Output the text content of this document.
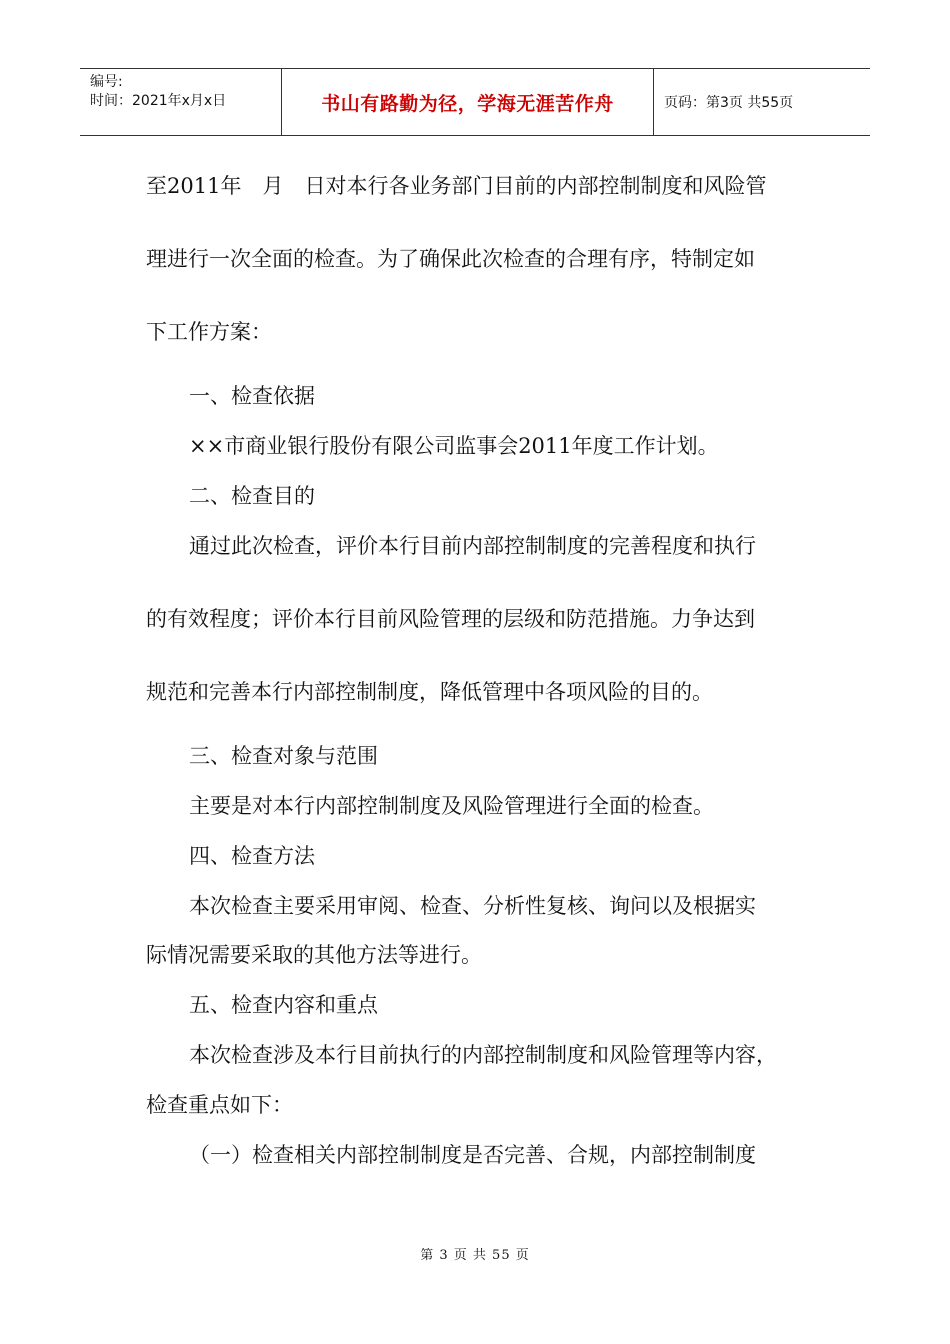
编号:
时间：2021年x月x日	书山有路勤为径，学海无涯苦作舟	页码：第3页 共55页
至2011年　月　日对本行各业务部门目前的内部控制制度和风险管
理进行一次全面的检查。为了确保此次检查的合理有序，特制定如
下工作方案：
一、检查依据
××市商业银行股份有限公司监事会2011年度工作计划。
二、检查目的
通过此次检查，评价本行目前内部控制制度的完善程度和执行
的有效程度；评价本行目前风险管理的层级和防范措施。力争达到
规范和完善本行内部控制制度，降低管理中各项风险的目的。
三、检查对象与范围
主要是对本行内部控制制度及风险管理进行全面的检查。
四、检查方法
本次检查主要采用审阅、检查、分析性复核、询问以及根据实
际情况需要采取的其他方法等进行。
五、检查内容和重点
本次检查涉及本行目前执行的内部控制制度和风险管理等内容，
检查重点如下：
（一）检查相关内部控制制度是否完善、合规，内部控制制度
第 3 页 共 55 页
